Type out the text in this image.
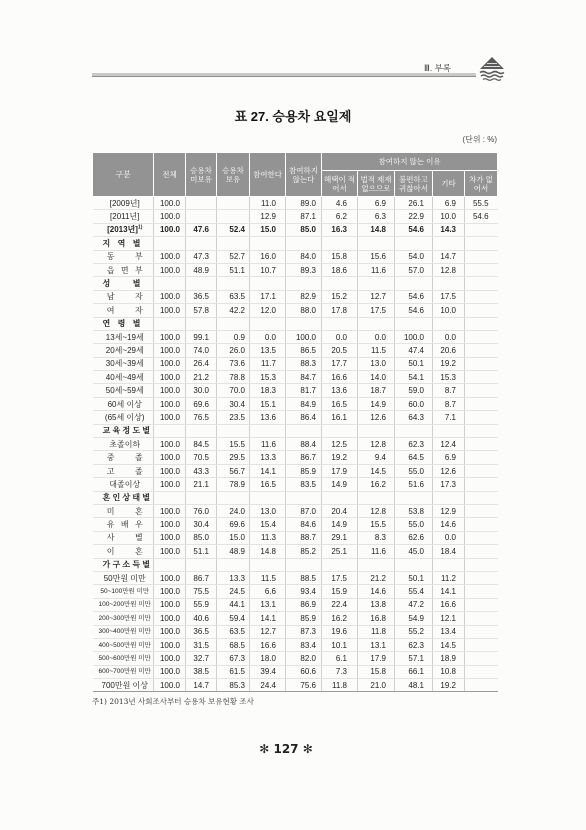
Ⅲ. 부록
표 27. 승용차 요일제
(단위 : %)
구분	전체	승용차 미보유	승용차 보유	참여한다	참여하지 않는다	참여하지 않는 이유				
						혜택이 적어서	법적 제재 없으므로	불편하고 귀찮아서	기타	차가 없어서
[2009년]	100.0			11.0	89.0	4.6	6.9	26.1	6.9	55.5
[2011년]	100.0			12.9	87.1	6.2	6.3	22.9	10.0	54.6
[2013년]$^{1)}$	100.0	47.6	52.4	15.0	85.0	16.3	14.8	54.6	14.3	
지 역 별										
동 부	100.0	47.3	52.7	16.0	84.0	15.8	15.6	54.0	14.7	
읍 면 부	100.0	48.9	51.1	10.7	89.3	18.6	11.6	57.0	12.8	
성 별										
남 자	100.0	36.5	63.5	17.1	82.9	15.2	12.7	54.6	17.5	
여 자	100.0	57.8	42.2	12.0	88.0	17.8	17.5	54.6	10.0	
연 령 별										
13세~19세	100.0	99.1	0.9	0.0	100.0	0.0	0.0	100.0	0.0	
20세~29세	100.0	74.0	26.0	13.5	86.5	20.5	11.5	47.4	20.6	
30세~39세	100.0	26.4	73.6	11.7	88.3	17.7	13.0	50.1	19.2	
40세~49세	100.0	21.2	78.8	15.3	84.7	16.6	14.0	54.1	15.3	
50세~59세	100.0	30.0	70.0	18.3	81.7	13.6	18.7	59.0	8.7	
60세 이상	100.0	69.6	30.4	15.1	84.9	16.5	14.9	60.0	8.7	
(65세 이상)	100.0	76.5	23.5	13.6	86.4	16.1	12.6	64.3	7.1	
교 육 정 도 별										
초졸이하	100.0	84.5	15.5	11.6	88.4	12.5	12.8	62.3	12.4	
중 졸	100.0	70.5	29.5	13.3	86.7	19.2	9.4	64.5	6.9	
고 졸	100.0	43.3	56.7	14.1	85.9	17.9	14.5	55.0	12.6	
대졸이상	100.0	21.1	78.9	16.5	83.5	14.9	16.2	51.6	17.3	
혼 인 상 태 별										
미 혼	100.0	76.0	24.0	13.0	87.0	20.4	12.8	53.8	12.9	
유 배 우	100.0	30.4	69.6	15.4	84.6	14.9	15.5	55.0	14.6	
사 별	100.0	85.0	15.0	11.3	88.7	29.1	8.3	62.6	0.0	
이 혼	100.0	51.1	48.9	14.8	85.2	25.1	11.6	45.0	18.4	
가 구 소 득 별										
50만원 미만	100.0	86.7	13.3	11.5	88.5	17.5	21.2	50.1	11.2	
50~100만원 미만	100.0	75.5	24.5	6.6	93.4	15.9	14.6	55.4	14.1	
100~200만원 미만	100.0	55.9	44.1	13.1	86.9	22.4	13.8	47.2	16.6	
200~300만원 미만	100.0	40.6	59.4	14.1	85.9	16.2	16.8	54.9	12.1	
300~400만원 미만	100.0	36.5	63.5	12.7	87.3	19.6	11.8	55.2	13.4	
400~500만원 미만	100.0	31.5	68.5	16.6	83.4	10.1	13.1	62.3	14.5	
500~600만원 미만	100.0	32.7	67.3	18.0	82.0	6.1	17.9	57.1	18.9	
600~700만원 미만	100.0	38.5	61.5	39.4	60.6	7.3	15.8	66.1	10.8	
700만원 이상	100.0	14.7	85.3	24.4	75.6	11.8	21.0	48.1	19.2	
주1) 2013년 사회조사부터 승용차 보유현황 조사
✻ 127 ✻
